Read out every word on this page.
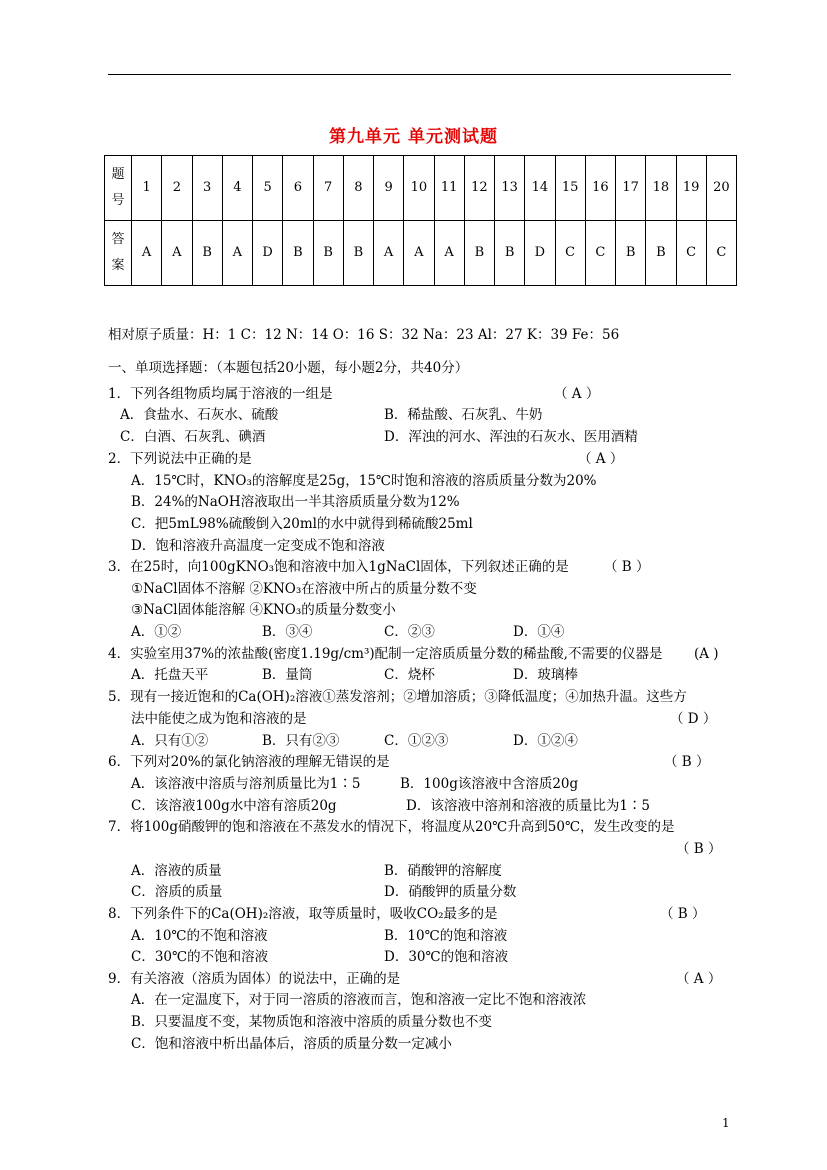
第九单元 单元测试题
题
号	1	2	3	4	5	6	7	8	9	10	11	12	13	14	15	16	17	18	19	20
答
案	A	A	B	A	D	B	B	B	A	A	A	B	B	D	C	C	B	B	C	C
相对原子质量：H：1 C：12 N：14 O：16 S：32 Na：23 Al：27 K：39 Fe：56
一、单项选择题：（本题包括20小题，每小题2分，共40分）
1．下列各组物质均属于溶液的一组是	（ A ）
A．食盐水、石灰水、硫酸	B．稀盐酸、石灰乳、牛奶
C．白酒、石灰乳、碘酒	D．浑浊的河水、浑浊的石灰水、医用酒精
2．下列说法中正确的是	（ A ）
A．15℃时，KNO₃的溶解度是25g，15℃时饱和溶液的溶质质量分数为20%
B．24%的NaOH溶液取出一半其溶质质量分数为12%
C．把5mL98%硫酸倒入20ml的水中就得到稀硫酸25ml
D．饱和溶液升高温度一定变成不饱和溶液
3．在25时，向100gKNO₃饱和溶液中加入1gNaCl固体，下列叙述正确的是	（ B ）
①NaCl固体不溶解 ②KNO₃在溶液中所占的质量分数不变
③NaCl固体能溶解 ④KNO₃的质量分数变小
A．①②	B．③④	C．②③	D．①④
4．实验室用37%的浓盐酸(密度1.19g/cm³)配制一定溶质质量分数的稀盐酸,不需要的仪器是 (A )
A．托盘天平	B．量筒	C．烧杯	D．玻璃棒
5．现有一接近饱和的Ca(OH)₂溶液①蒸发溶剂；②增加溶质；③降低温度；④加热升温。这些方
法中能使之成为饱和溶液的是	（ D ）
A．只有①②	B．只有②③	C．①②③	D．①②④
6．下列对20%的氯化钠溶液的理解无错误的是	（ B ）
A．该溶液中溶质与溶剂质量比为1∶5	B．100g该溶液中含溶质20g
C．该溶液100g水中溶有溶质20g	D．该溶液中溶剂和溶液的质量比为1∶5
7．将100g硝酸钾的饱和溶液在不蒸发水的情况下，将温度从20℃升高到50℃，发生改变的是
（ B ）
A．溶液的质量	B．硝酸钾的溶解度
C．溶质的质量	D．硝酸钾的质量分数
8．下列条件下的Ca(OH)₂溶液，取等质量时，吸收CO₂最多的是	（ B ）
A．10℃的不饱和溶液	B．10℃的饱和溶液
C．30℃的不饱和溶液	D．30℃的饱和溶液
9．有关溶液（溶质为固体）的说法中，正确的是	（ A ）
A．在一定温度下，对于同一溶质的溶液而言，饱和溶液一定比不饱和溶液浓
B．只要温度不变，某物质饱和溶液中溶质的质量分数也不变
C．饱和溶液中析出晶体后，溶质的质量分数一定减小
1
